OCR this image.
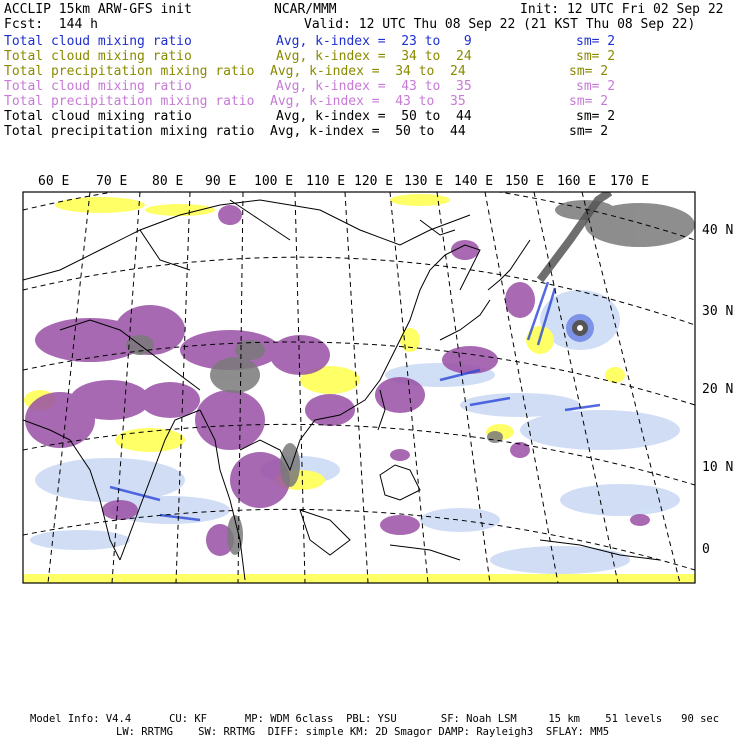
ACCLIP 15km ARW-GFS init	NCAR/MMM	Init: 12 UTC Fri 02 Sep 22
Fcst:  144 h	Valid: 12 UTC Thu 08 Sep 22 (21 KST Thu 08 Sep 22)
Total cloud mixing ratio	Avg, k-index =  23 to   9	sm= 2
Total cloud mixing ratio	Avg, k-index =  34 to  24	sm= 2
Total precipitation mixing ratio Avg, k-index =  34 to  24	sm= 2
Total cloud mixing ratio	Avg, k-index =  43 to  35	sm= 2
Total precipitation mixing ratio Avg, k-index =  43 to  35	sm= 2
Total cloud mixing ratio	Avg, k-index =  50 to  44	sm= 2
Total precipitation mixing ratio Avg, k-index =  50 to  44	sm= 2
60 E 70 E 80 E 90 E 100 E 110 E 120 E 130 E 140 E 150 E 160 E 170 E
40 N
30 N
20 N
10 N
0
Model Info: V4.4      CU: KF      MP: WDM 6class  PBL: YSU       SF: Noah LSM     15 km    51 levels   90 sec
LW: RRTMG    SW: RRTMG  DIFF: simple KM: 2D Smagor DAMP: Rayleigh3  SFLAY: MM5
